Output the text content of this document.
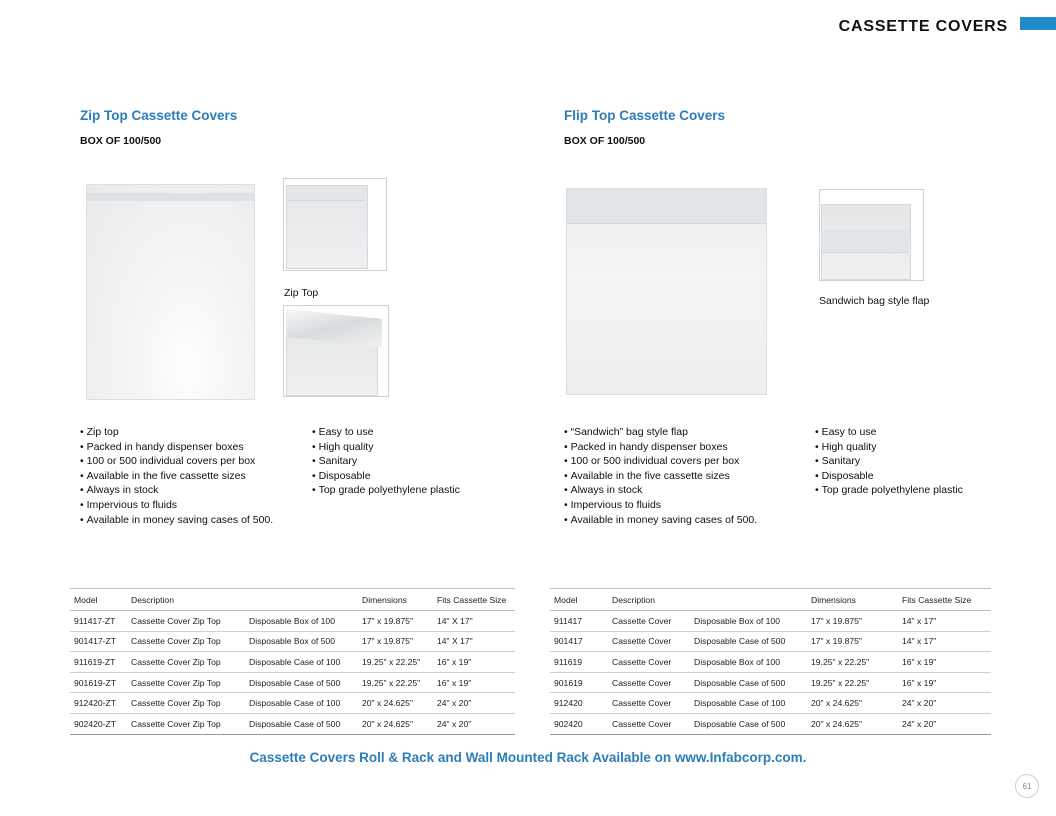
CASSETTE COVERS
Zip Top Cassette Covers
BOX OF 100/500
Zip Top
• Zip top
• Packed in handy dispenser boxes
• 100 or 500 individual covers per box
• Available in the five cassette sizes
• Always in stock
• Impervious to fluids
• Available in money saving cases of 500.
• Easy to use
• High quality
• Sanitary
• Disposable
• Top grade polyethylene plastic
Model	Description		Dimensions	Fits Cassette Size
911417-ZT	Cassette Cover Zip Top	Disposable Box of 100	17" x 19.875"	14" X 17"
901417-ZT	Cassette Cover Zip Top	Disposable Box of 500	17" x 19.875"	14" X 17"
911619-ZT	Cassette Cover Zip Top	Disposable Case of 100	19.25" x 22.25"	16" x 19"
901619-ZT	Cassette Cover Zip Top	Disposable Case of 500	19.25" x 22.25"	16" x 19"
912420-ZT	Cassette Cover Zip Top	Disposable Case of 100	20" x 24.625"	24" x 20"
902420-ZT	Cassette Cover Zip Top	Disposable Case of 500	20" x 24.625"	24" x 20"
Flip Top Cassette Covers
BOX OF 100/500
Sandwich bag style flap
• “Sandwich” bag style flap
• Packed in handy dispenser boxes
• 100 or 500 individual covers per box
• Available in the five cassette sizes
• Always in stock
• Impervious to fluids
• Available in money saving cases of 500.
• Easy to use
• High quality
• Sanitary
• Disposable
• Top grade polyethylene plastic
Model	Description		Dimensions	Fits Cassette Size
911417	Cassette Cover	Disposable Box of 100	17" x 19.875"	14" x 17"
901417	Cassette Cover	Disposable Case of 500	17" x 19.875"	14" x 17"
911619	Cassette Cover	Disposable Box of 100	19.25" x 22.25"	16" x 19"
901619	Cassette Cover	Disposable Case of 500	19.25" x 22.25"	16" x 19"
912420	Cassette Cover	Disposable Case of 100	20" x 24.625"	24" x 20"
902420	Cassette Cover	Disposable Case of 500	20" x 24.625"	24" x 20"
Cassette Covers Roll & Rack and Wall Mounted Rack Available on www.Infabcorp.com.
61
